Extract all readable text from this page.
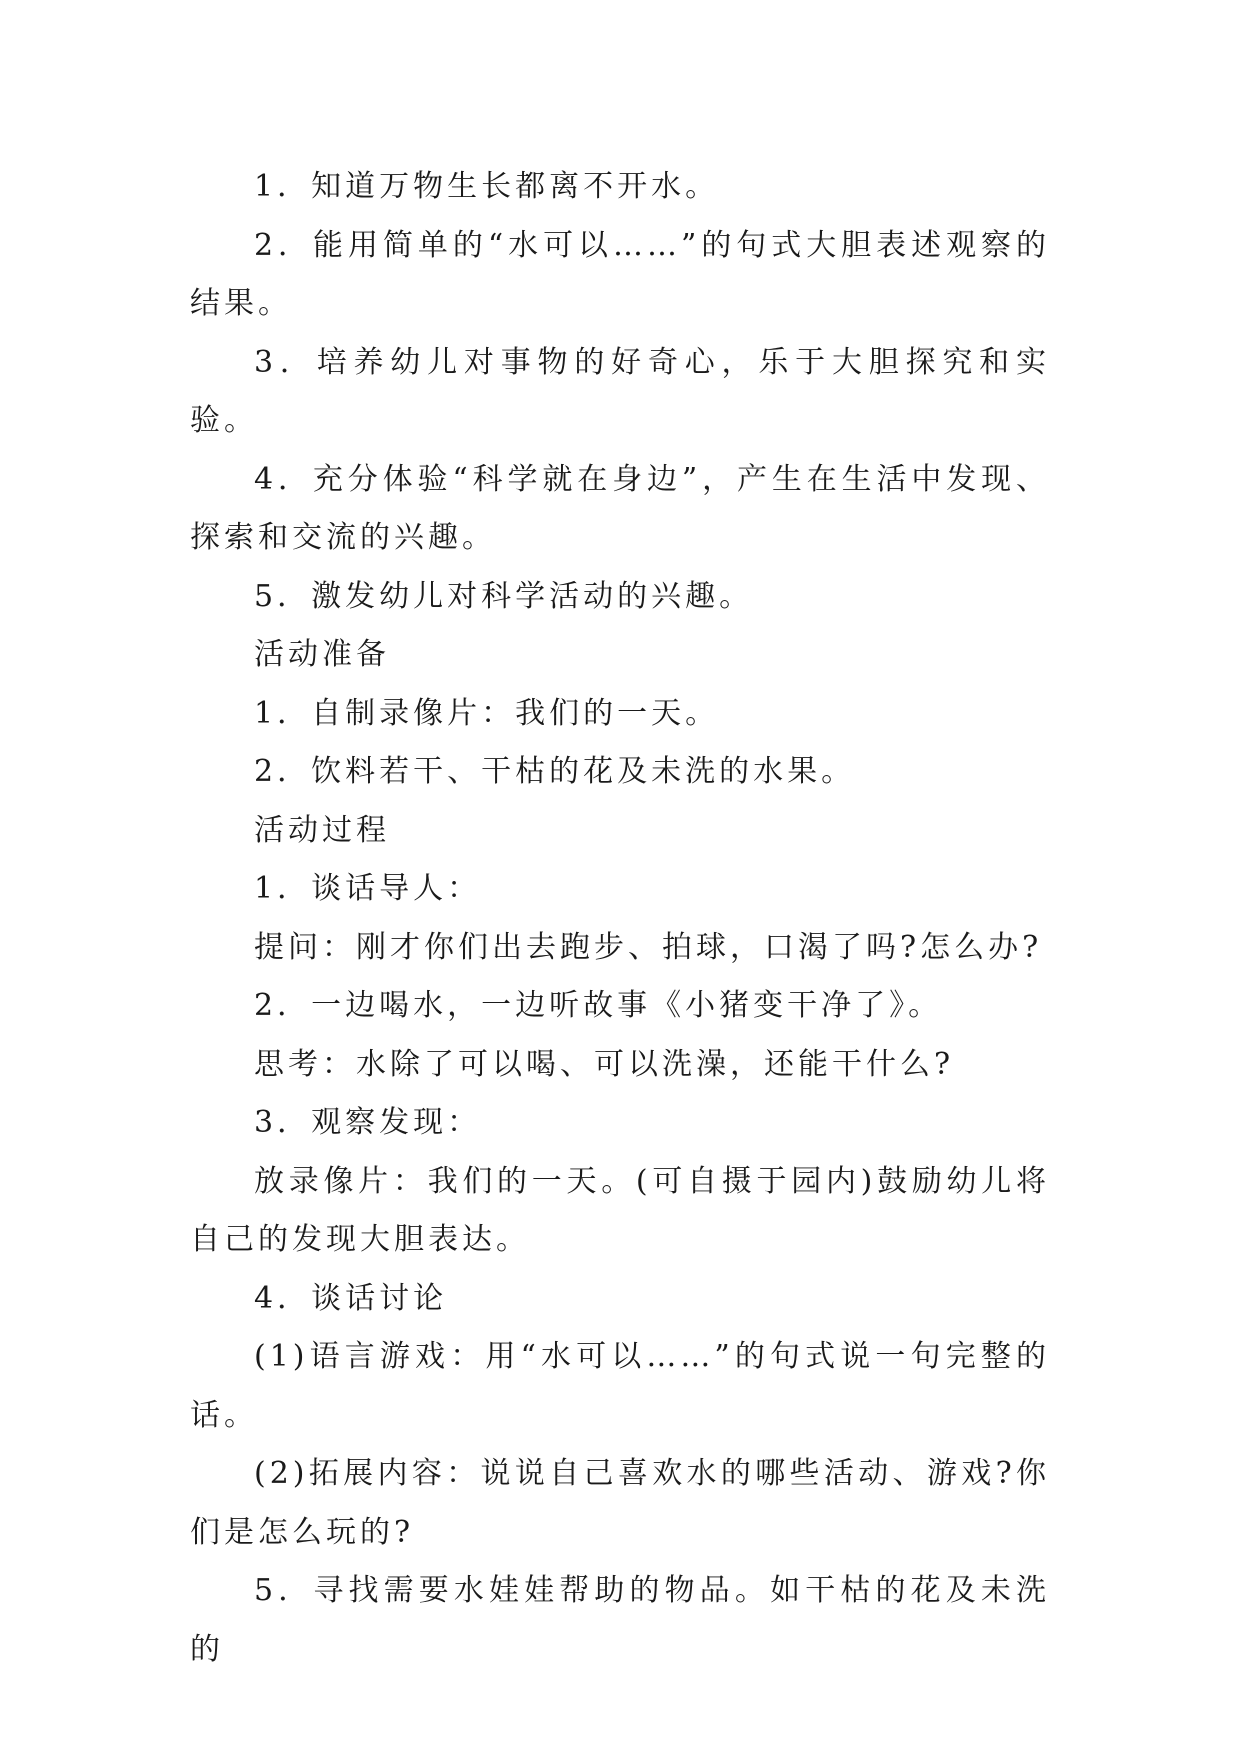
1．知道万物生长都离不开水。

2．能用简单的“水可以……”的句式大胆表述观察的结果。

3．培养幼儿对事物的好奇心，乐于大胆探究和实验。

4．充分体验“科学就在身边”，产生在生活中发现、探索和交流的兴趣。

5．激发幼儿对科学活动的兴趣。

活动准备

1．自制录像片：我们的一天。

2．饮料若干、干枯的花及未洗的水果。

活动过程

1．谈话导人：

提问：刚才你们出去跑步、拍球，口渴了吗?怎么办?

2．一边喝水，一边听故事《小猪变干净了》。

思考：水除了可以喝、可以洗澡，还能干什么?

3．观察发现：

放录像片：我们的一天。(可自摄于园内)鼓励幼儿将自己的发现大胆表达。

4．谈话讨论

(1)语言游戏：用“水可以……”的句式说一句完整的话。

(2)拓展内容：说说自己喜欢水的哪些活动、游戏?你们是怎么玩的?

5．寻找需要水娃娃帮助的物品。如干枯的花及未洗的
